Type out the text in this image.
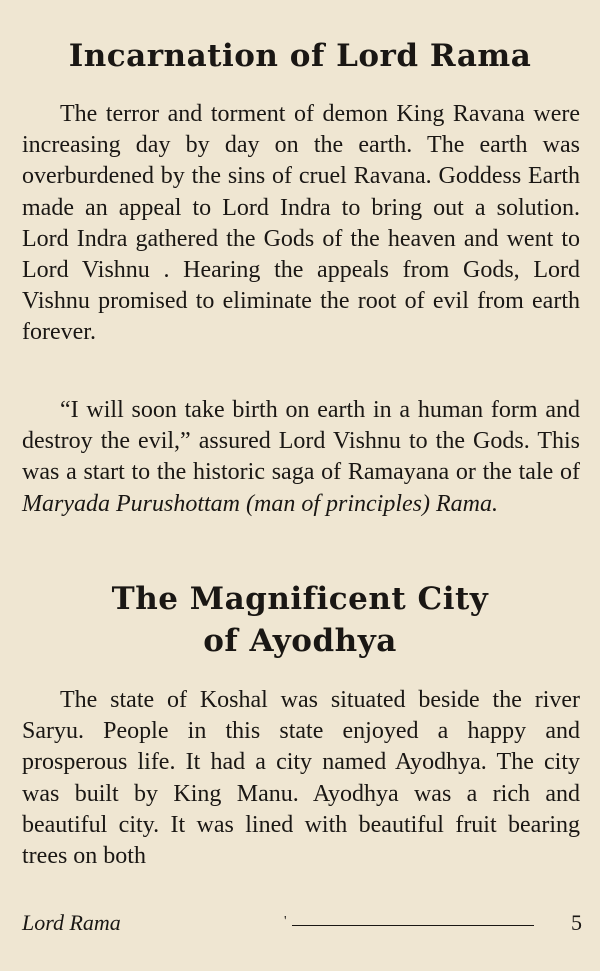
Incarnation of Lord Rama

The terror and torment of demon King Ravana were increasing day by day on the earth. The earth was overburdened by the sins of cruel Ravana. Goddess Earth made an appeal to Lord Indra to bring out a solution. Lord Indra gathered the Gods of the heaven and went to Lord Vishnu . Hearing the appeals from Gods, Lord Vishnu promised to eliminate the root of evil from earth forever.

“I will soon take birth on earth in a human form and destroy the evil,” assured Lord Vishnu to the Gods. This was a start to the historic saga of Ramayana or the tale of Maryada Purushottam (man of principles) Rama.

The Magnificent City
of Ayodhya

The state of Koshal was situated beside the river Saryu. People in this state enjoyed a happy and prosperous life. It had a city named Ayodhya. The city was built by King Manu. Ayodhya was a rich and beautiful city. It was lined with beautiful fruit bearing trees on both

Lord Rama	'	5
